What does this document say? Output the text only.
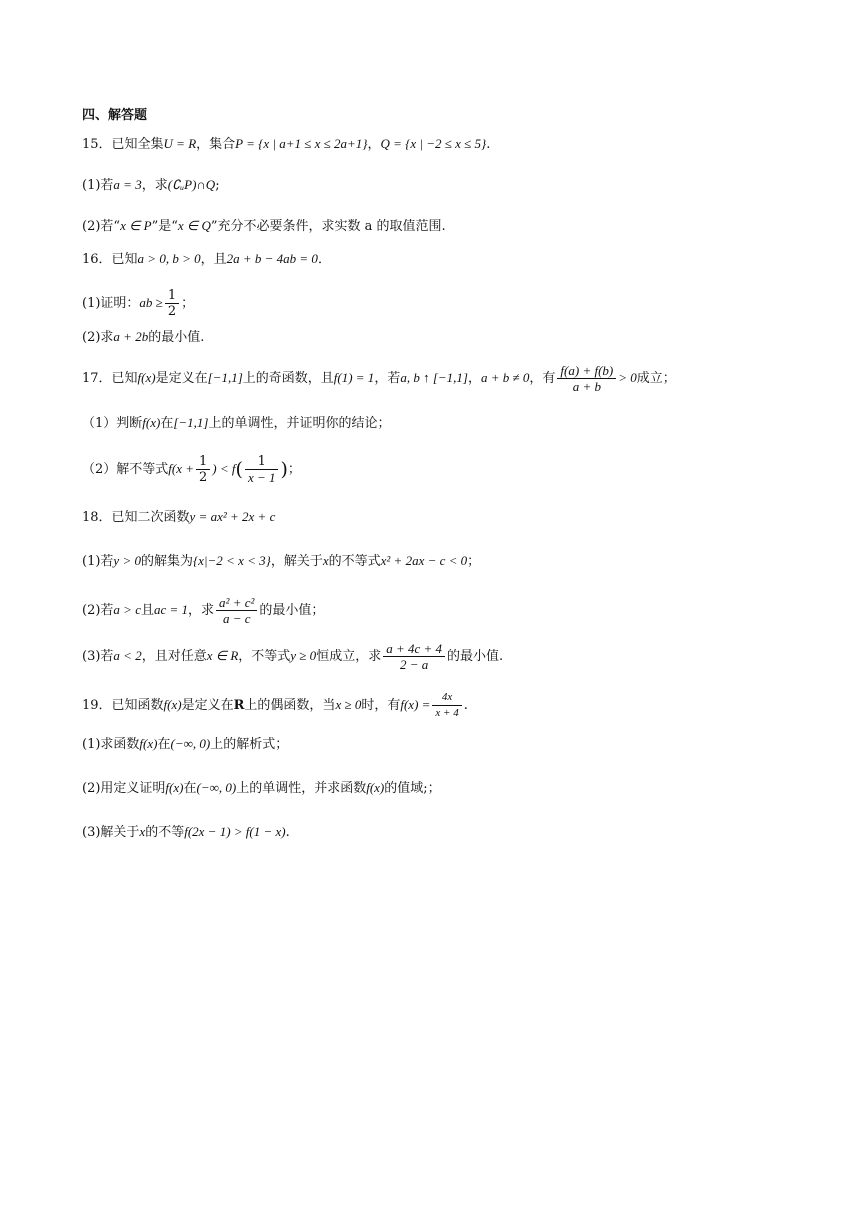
四、解答题
15．已知全集U = R，集合P = {x | a+1 ≤ x ≤ 2a+1}，Q = {x | −2 ≤ x ≤ 5}.
(1)若a = 3，求(∁ᵤP)∩Q;
(2)若“x ∈ P”是“x ∈ Q”充分不必要条件，求实数 a 的取值范围.
16．已知a > 0, b > 0，且2a + b − 4ab = 0．
(1)证明：ab ≥ $\frac{1}{2}$ ；
(2)求a + 2b的最小值.
17．已知f(x)是定义在[−1,1]上的奇函数，且f(1) = 1，若a, b ↑ [−1,1]，a + b ≠ 0，有 $\frac{f(a) + f(b)}{a + b} > 0$成立；
（1）判断f(x)在[−1,1]上的单调性，并证明你的结论；
（2）解不等式$f(x + \frac{1}{2}$ ) < $f( \frac{1}{x - 1}$ )；
18．已知二次函数y = ax² + 2x + c
(1)若y > 0的解集为{x|−2 < x < 3}，解关于x的不等式x² + 2ax − c < 0；
(2)若a > c且ac = 1，求 $\frac{\text{a² + c²}}{a - c}$ 的最小值；
(3)若a < 2，且对任意x ∈ R，不等式y ≥ 0恒成立，求 $\frac{a + 4c + 4}{2 - a}$ 的最小值.
19．已知函数f(x)是定义在R上的偶函数，当x ≥ 0时，有$f(x) = \frac{4x}{x + 4}$ .
(1)求函数f(x)在(−∞, 0)上的解析式；
(2)用定义证明f(x)在(−∞, 0)上的单调性，并求函数f(x)的值域;；
(3)解关于x的不等f(2x − 1) > f(1 − x).
